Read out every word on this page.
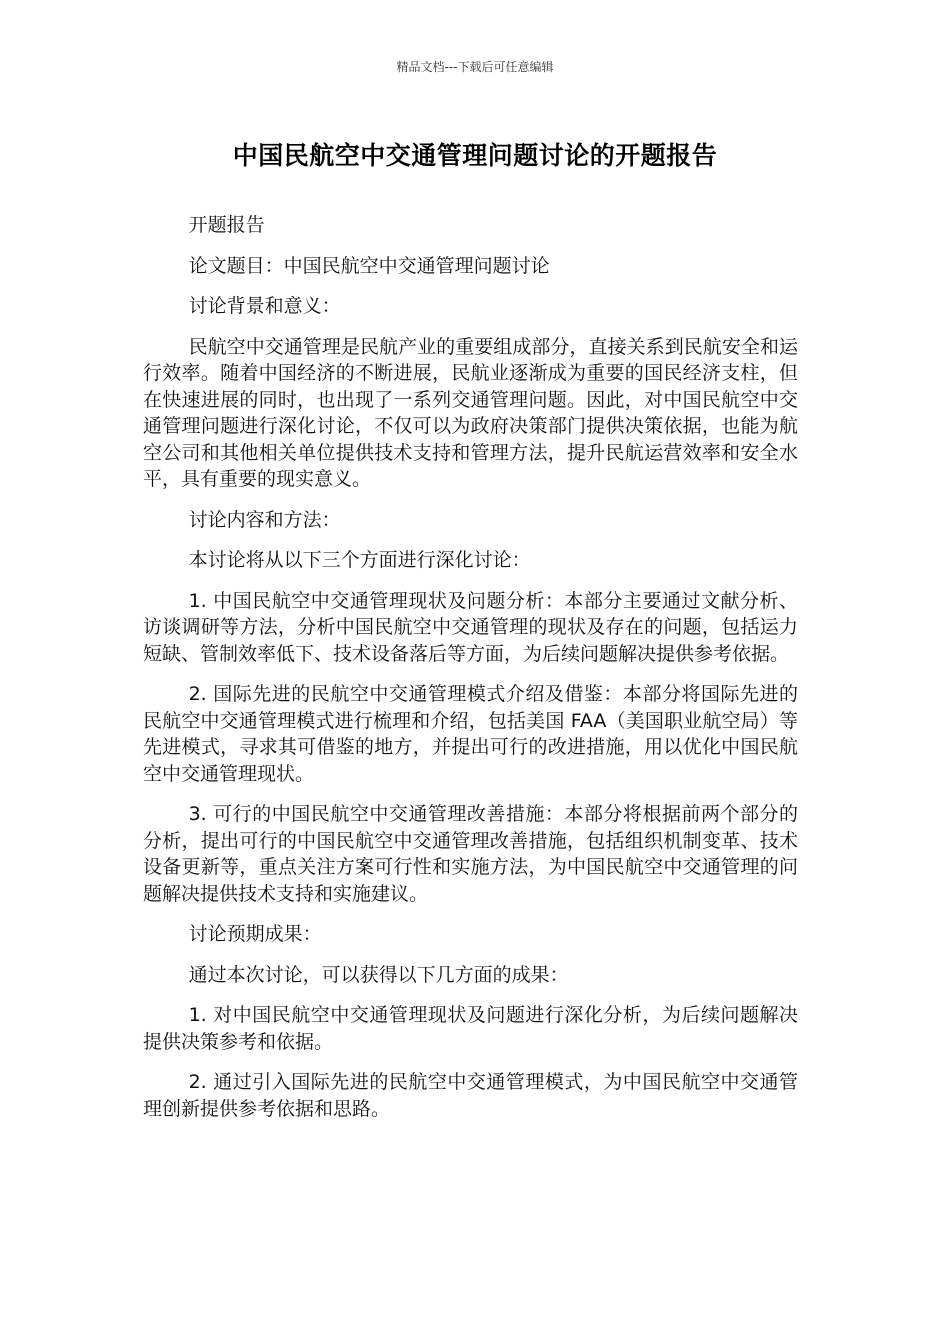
精品文档---下载后可任意编辑
中国民航空中交通管理问题讨论的开题报告

开题报告

论文题目：中国民航空中交通管理问题讨论

讨论背景和意义：

民航空中交通管理是民航产业的重要组成部分，直接关系到民航安全和运行效率。随着中国经济的不断进展，民航业逐渐成为重要的国民经济支柱，但在快速进展的同时，也出现了一系列交通管理问题。因此，对中国民航空中交通管理问题进行深化讨论，不仅可以为政府决策部门提供决策依据，也能为航空公司和其他相关单位提供技术支持和管理方法，提升民航运营效率和安全水平，具有重要的现实意义。

讨论内容和方法：

本讨论将从以下三个方面进行深化讨论：

1. 中国民航空中交通管理现状及问题分析：本部分主要通过文献分析、访谈调研等方法，分析中国民航空中交通管理的现状及存在的问题，包括运力短缺、管制效率低下、技术设备落后等方面，为后续问题解决提供参考依据。

2. 国际先进的民航空中交通管理模式介绍及借鉴：本部分将国际先进的民航空中交通管理模式进行梳理和介绍，包括美国 FAA（美国职业航空局）等先进模式，寻求其可借鉴的地方，并提出可行的改进措施，用以优化中国民航空中交通管理现状。

3. 可行的中国民航空中交通管理改善措施：本部分将根据前两个部分的分析，提出可行的中国民航空中交通管理改善措施，包括组织机制变革、技术设备更新等，重点关注方案可行性和实施方法，为中国民航空中交通管理的问题解决提供技术支持和实施建议。

讨论预期成果：

通过本次讨论，可以获得以下几方面的成果：

1. 对中国民航空中交通管理现状及问题进行深化分析，为后续问题解决提供决策参考和依据。

2. 通过引入国际先进的民航空中交通管理模式，为中国民航空中交通管理创新提供参考依据和思路。
